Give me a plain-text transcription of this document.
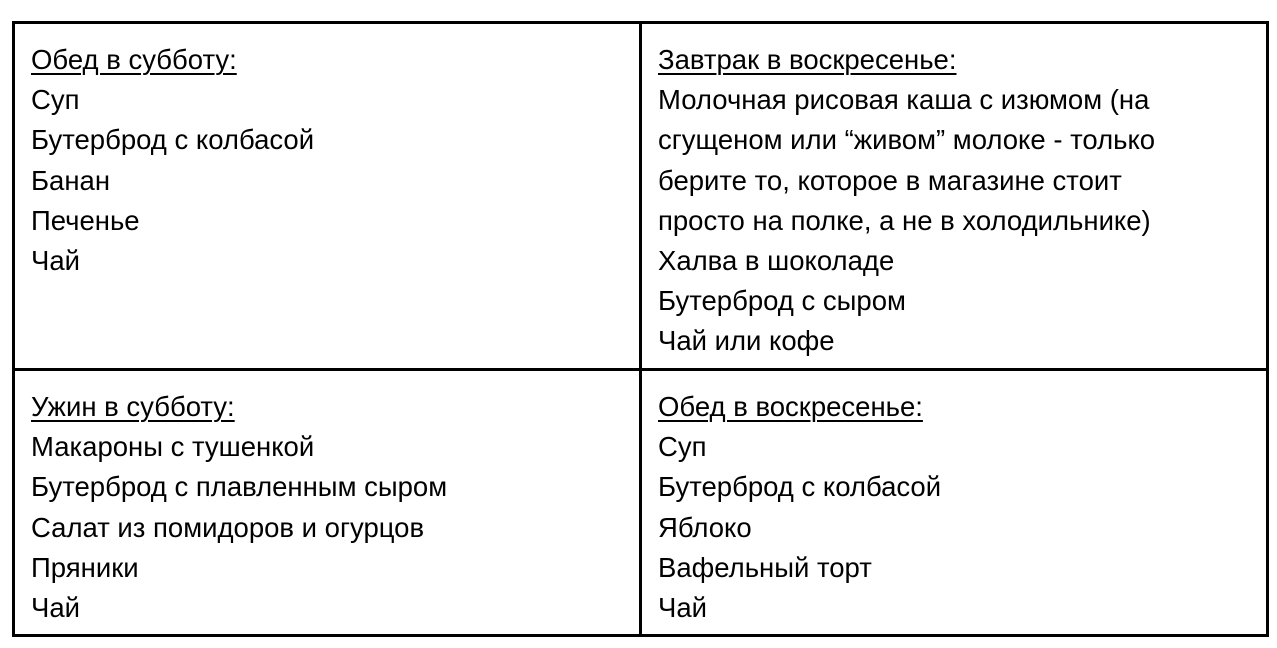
Обед в субботу:
Суп
Бутерброд с колбасой
Банан
Печенье
Чай
Завтрак в воскресенье:
Молочная рисовая каша с изюмом (на
сгущеном или “живом” молоке - только
берите то, которое в магазине стоит
просто на полке, а не в холодильнике)
Халва в шоколаде
Бутерброд с сыром
Чай или кофе
Ужин в субботу:
Макароны с тушенкой
Бутерброд с плавленным сыром
Салат из помидоров и огурцов
Пряники
Чай
Обед в воскресенье:
Суп
Бутерброд с колбасой
Яблоко
Вафельный торт
Чай
